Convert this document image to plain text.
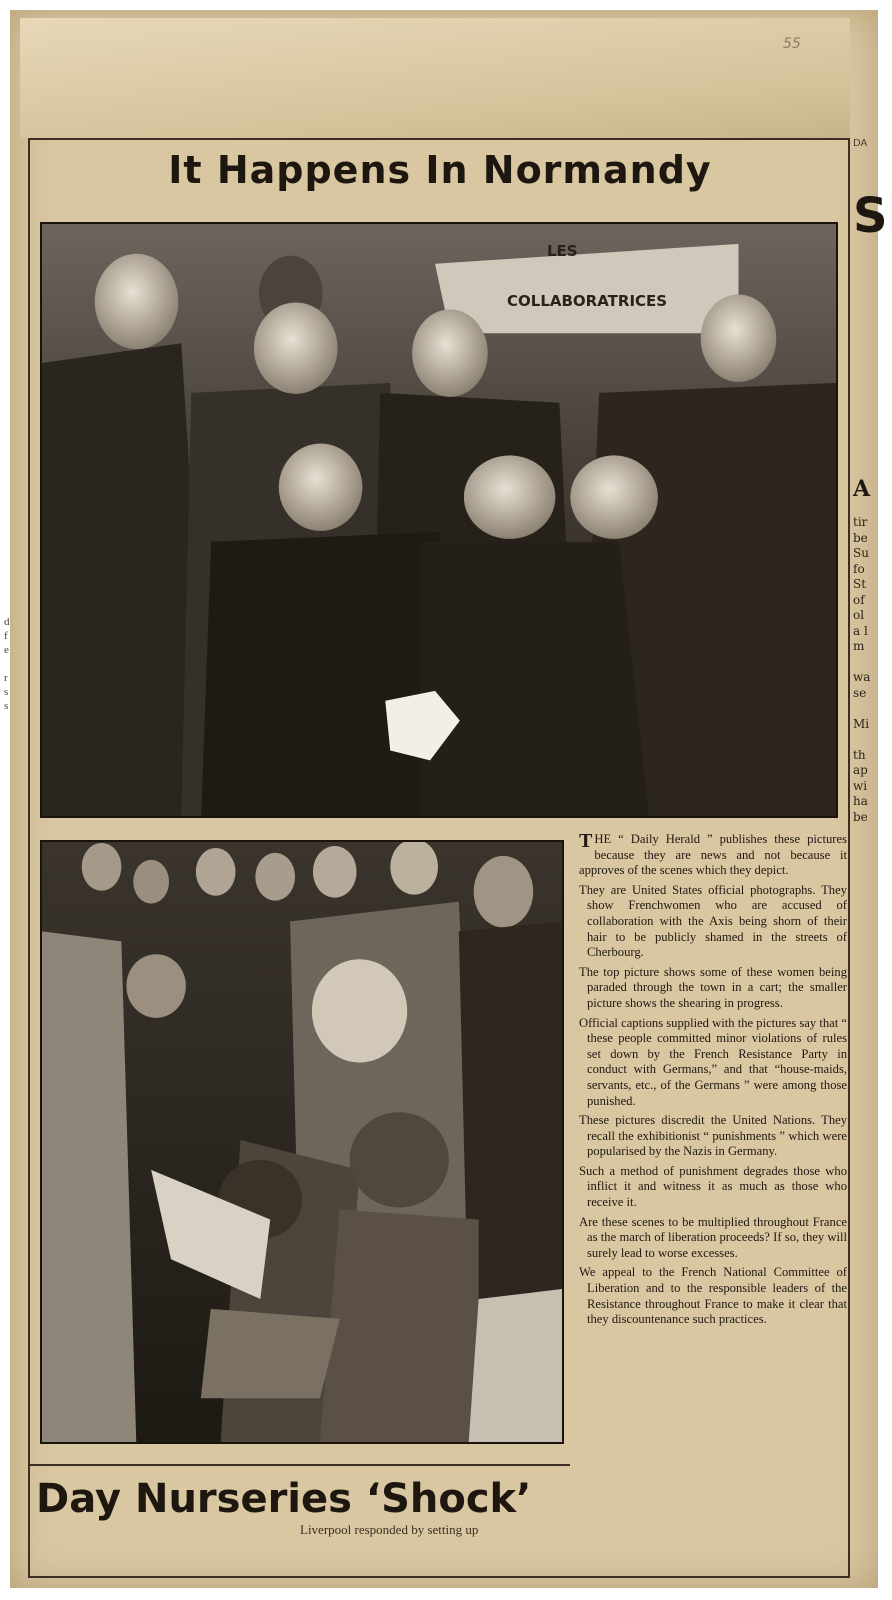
55
It Happens In Normandy
LES
COLLABORATRICES

THE “ Daily Herald ” publishes these pictures because they are news and not because it approves of the scenes which they depict.

They are United States official photographs. They show Frenchwomen who are accused of collaboration with the Axis being shorn of their hair to be publicly shamed in the streets of Cherbourg.

The top picture shows some of these women being paraded through the town in a cart; the smaller picture shows the shearing in progress.

Official captions supplied with the pictures say that “ these people committed minor violations of rules set down by the French Resistance Party in conduct with Germans,” and that “house-maids, servants, etc., of the Germans ” were among those punished.

These pictures discredit the United Nations. They recall the exhibitionist “ punishments ” which were popularised by the Nazis in Germany.

Such a method of punishment degrades those who inflict it and witness it as much as those who receive it.

Are these scenes to be multiplied throughout France as the march of liberation proceeds? If so, they will surely lead to worse excesses.

We appeal to the French National Committee of Liberation and to the responsible leaders of the Resistance throughout France to make it clear that they discountenance such practices.

Day Nurseries ‘Shock’
Liverpool responded by setting up
DA
S
A
tir
be
Su
fo
St
of
ol
a l
m

wa
se

Mi

th
ap
wi
ha
be
d
f
e

r
s
s
